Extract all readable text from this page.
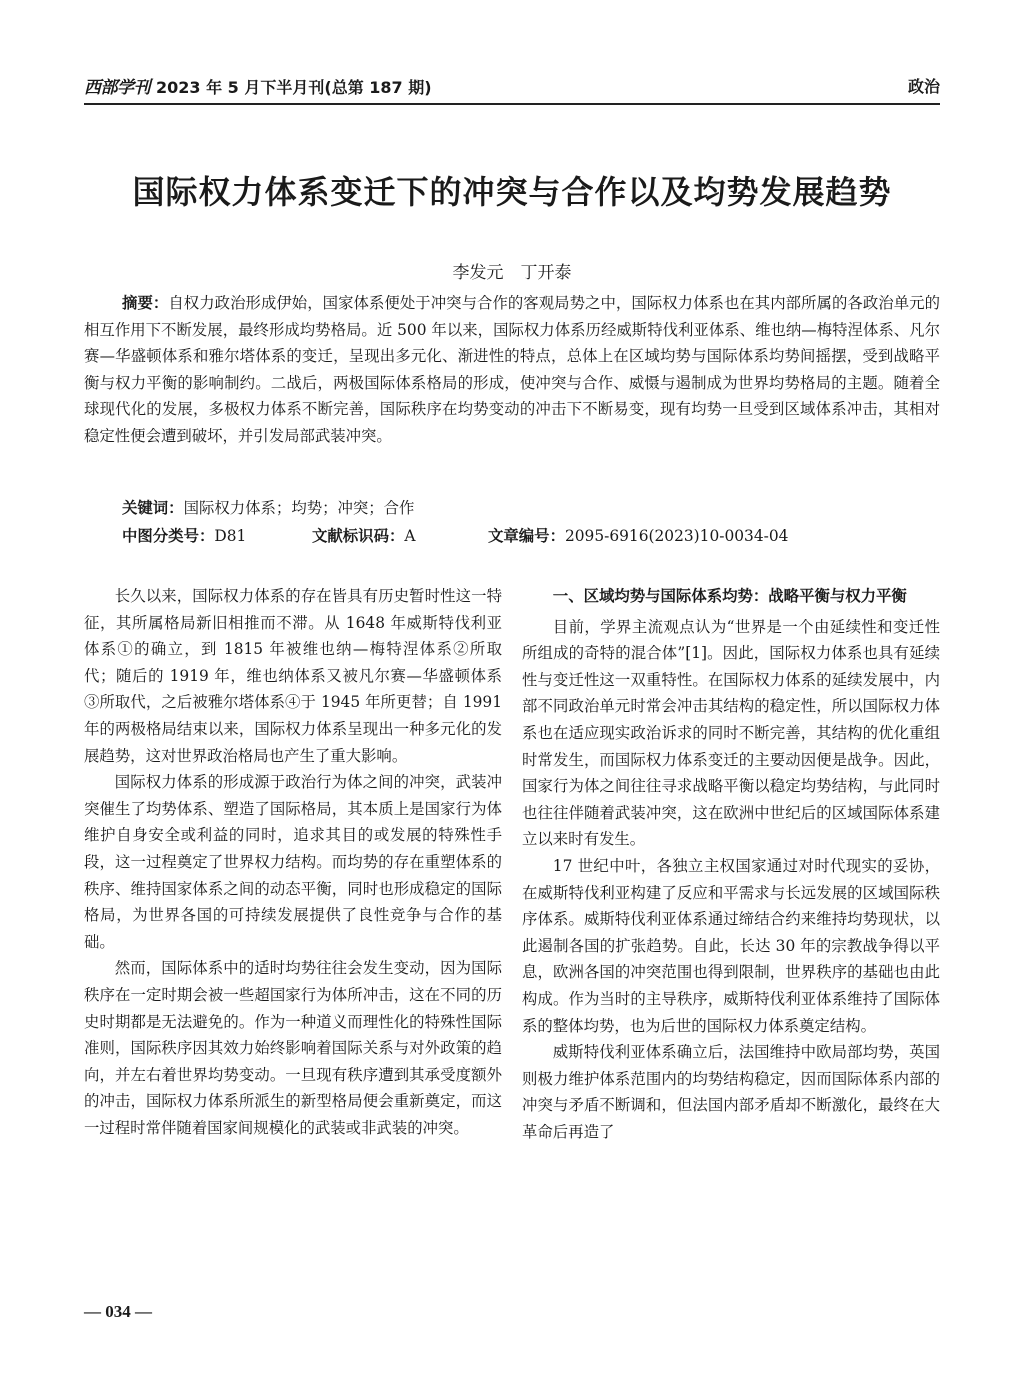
西部学刊 2023 年 5 月下半月刊(总第 187 期)	政治
国际权力体系变迁下的冲突与合作以及均势发展趋势
李发元　丁开泰

摘要：自权力政治形成伊始，国家体系便处于冲突与合作的客观局势之中，国际权力体系也在其内部所属的各政治单元的相互作用下不断发展，最终形成均势格局。近 500 年以来，国际权力体系历经威斯特伐利亚体系、维也纳—梅特涅体系、凡尔赛—华盛顿体系和雅尔塔体系的变迁，呈现出多元化、渐进性的特点，总体上在区域均势与国际体系均势间摇摆，受到战略平衡与权力平衡的影响制约。二战后，两极国际体系格局的形成，使冲突与合作、威慑与遏制成为世界均势格局的主题。随着全球现代化的发展，多极权力体系不断完善，国际秩序在均势变动的冲击下不断易变，现有均势一旦受到区域体系冲击，其相对稳定性便会遭到破坏，并引发局部武装冲突。

关键词：国际权力体系；均势；冲突；合作
中图分类号：D81	文献标识码：A	文章编号：2095-6916(2023)10-0034-04

长久以来，国际权力体系的存在皆具有历史暂时性这一特征，其所属格局新旧相推而不滞。从 1648 年威斯特伐利亚体系①的确立，到 1815 年被维也纳—梅特涅体系②所取代；随后的 1919 年，维也纳体系又被凡尔赛—华盛顿体系③所取代，之后被雅尔塔体系④于 1945 年所更替；自 1991 年的两极格局结束以来，国际权力体系呈现出一种多元化的发展趋势，这对世界政治格局也产生了重大影响。

国际权力体系的形成源于政治行为体之间的冲突，武装冲突催生了均势体系、塑造了国际格局，其本质上是国家行为体维护自身安全或利益的同时，追求其目的或发展的特殊性手段，这一过程奠定了世界权力结构。而均势的存在重塑体系的秩序、维持国家体系之间的动态平衡，同时也形成稳定的国际格局，为世界各国的可持续发展提供了良性竞争与合作的基础。

然而，国际体系中的适时均势往往会发生变动，因为国际秩序在一定时期会被一些超国家行为体所冲击，这在不同的历史时期都是无法避免的。作为一种道义而理性化的特殊性国际准则，国际秩序因其效力始终影响着国际关系与对外政策的趋向，并左右着世界均势变动。一旦现有秩序遭到其承受度额外的冲击，国际权力体系所派生的新型格局便会重新奠定，而这一过程时常伴随着国家间规模化的武装或非武装的冲突。

一、区域均势与国际体系均势：战略平衡与权力平衡

目前，学界主流观点认为“世界是一个由延续性和变迁性所组成的奇特的混合体”[1]。因此，国际权力体系也具有延续性与变迁性这一双重特性。在国际权力体系的延续发展中，内部不同政治单元时常会冲击其结构的稳定性，所以国际权力体系也在适应现实政治诉求的同时不断完善，其结构的优化重组时常发生，而国际权力体系变迁的主要动因便是战争。因此，国家行为体之间往往寻求战略平衡以稳定均势结构，与此同时也往往伴随着武装冲突，这在欧洲中世纪后的区域国际体系建立以来时有发生。

17 世纪中叶，各独立主权国家通过对时代现实的妥协，在威斯特伐利亚构建了反应和平需求与长远发展的区域国际秩序体系。威斯特伐利亚体系通过缔结合约来维持均势现状，以此遏制各国的扩张趋势。自此，长达 30 年的宗教战争得以平息，欧洲各国的冲突范围也得到限制，世界秩序的基础也由此构成。作为当时的主导秩序，威斯特伐利亚体系维持了国际体系的整体均势，也为后世的国际权力体系奠定结构。

威斯特伐利亚体系确立后，法国维持中欧局部均势，英国则极力维护体系范围内的均势结构稳定，因而国际体系内部的冲突与矛盾不断调和，但法国内部矛盾却不断激化，最终在大革命后再造了

— 034 —
